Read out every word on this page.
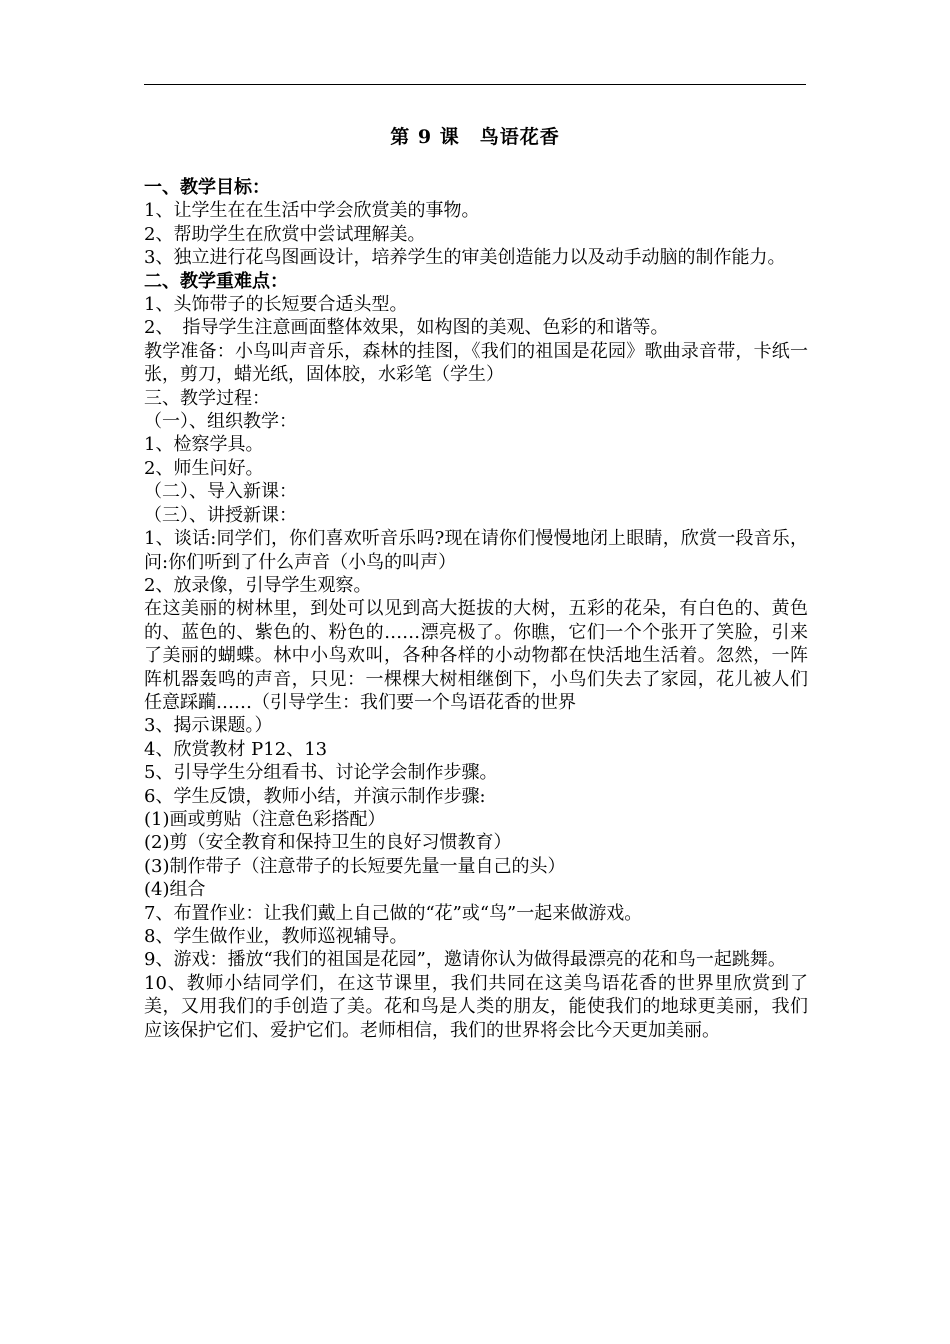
第 9 课　鸟语花香

一、教学目标：

1、让学生在在生活中学会欣赏美的事物。

2、帮助学生在欣赏中尝试理解美。

3、独立进行花鸟图画设计，培养学生的审美创造能力以及动手动脑的制作能力。

二、教学重难点：

1、头饰带子的长短要合适头型。

2、　指导学生注意画面整体效果，如构图的美观、色彩的和谐等。

教学准备：小鸟叫声音乐，森林的挂图，《我们的祖国是花园》歌曲录音带，卡纸一张，剪刀，蜡光纸，固体胶，水彩笔（学生）

三、教学过程：

（一）、组织教学：

1、检察学具。

2、师生问好。

（二）、导入新课：

（三）、讲授新课：

1、谈话:同学们，你们喜欢听音乐吗?现在请你们慢慢地闭上眼睛，欣赏一段音乐，问:你们听到了什么声音（小鸟的叫声）

2、放录像，引导学生观察。

在这美丽的树林里，到处可以见到高大挺拔的大树，五彩的花朵，有白色的、黄色的、蓝色的、紫色的、粉色的……漂亮极了。你瞧，它们一个个张开了笑脸，引来了美丽的蝴蝶。林中小鸟欢叫，各种各样的小动物都在快活地生活着。忽然，一阵阵机器轰鸣的声音，只见：一棵棵大树相继倒下，小鸟们失去了家园，花儿被人们任意踩躏……（引导学生：我们要一个鸟语花香的世界

3、揭示课题。）

4、欣赏教材 P12、13

5、引导学生分组看书、讨论学会制作步骤。

6、学生反馈，教师小结，并演示制作步骤:

(1)画或剪贴（注意色彩搭配）

(2)剪（安全教育和保持卫生的良好习惯教育）

(3)制作带子（注意带子的长短要先量一量自己的头）

(4)组合

7、布置作业：让我们戴上自己做的“花”或“鸟”一起来做游戏。

8、学生做作业，教师巡视辅导。

9、游戏：播放“我们的祖国是花园”，邀请你认为做得最漂亮的花和鸟一起跳舞。

10、教师小结同学们，在这节课里，我们共同在这美鸟语花香的世界里欣赏到了美，又用我们的手创造了美。花和鸟是人类的朋友，能使我们的地球更美丽，我们应该保护它们、爱护它们。老师相信，我们的世界将会比今天更加美丽。
